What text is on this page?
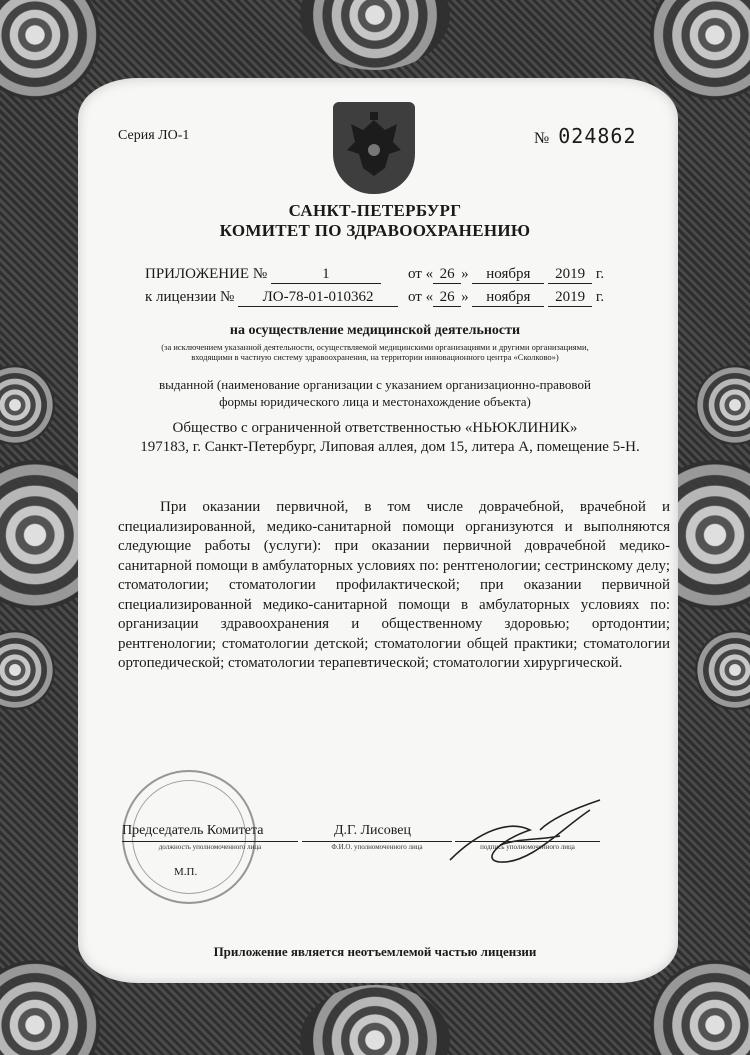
Серия ЛО-1	№ 024862
САНКТ-ПЕТЕРБУРГ
КОМИТЕТ ПО ЗДРАВООХРАНЕНИЮ
ПРИЛОЖЕНИЕ №	1	от « 26 » ноября 2019 г.
к лицензии № ЛО-78-01-010362	от « 26 » ноября 2019 г.
на осуществление медицинской деятельности
(за исключением указанной деятельности, осуществляемой медицинскими организациями и другими организациями, входящими в частную систему здравоохранения, на территории инновационного центра «Сколково»)
выданной (наименование организации с указанием организационно-правовой формы юридического лица и местонахождение объекта)
Общество с ограниченной ответственностью «НЬЮКЛИНИК»
197183, г. Санкт-Петербург, Липовая аллея, дом 15, литера А, помещение 5-Н.
При оказании первичной, в том числе доврачебной, врачебной и специализированной, медико-санитарной помощи организуются и выполняются следующие работы (услуги): при оказании первичной доврачебной медико-санитарной помощи в амбулаторных условиях по: рентгенологии; сестринскому делу; стоматологии; стоматологии профилактической; при оказании первичной специализированной медико-санитарной помощи в амбулаторных условиях по: организации здравоохранения и общественному здоровью; ортодонтии; рентгенологии; стоматологии детской; стоматологии общей практики; стоматологии ортопедической; стоматологии терапевтической; стоматологии хирургической.
М.П.
Председатель Комитета
должность уполномоченного лица
Д.Г. Лисовец
Ф.И.О. уполномоченного лица	подпись уполномоченного лица
Приложение является неотъемлемой частью лицензии
